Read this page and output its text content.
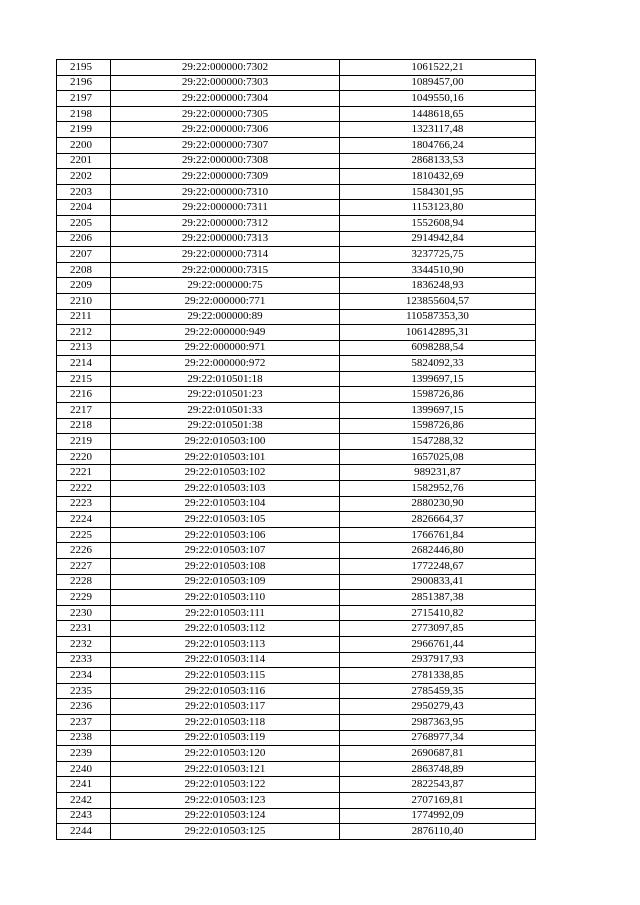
2195	29:22:000000:7302	1061522,21
2196	29:22:000000:7303	1089457,00
2197	29:22:000000:7304	1049550,16
2198	29:22:000000:7305	1448618,65
2199	29:22:000000:7306	1323117,48
2200	29:22:000000:7307	1804766,24
2201	29:22:000000:7308	2868133,53
2202	29:22:000000:7309	1810432,69
2203	29:22:000000:7310	1584301,95
2204	29:22:000000:7311	1153123,80
2205	29:22:000000:7312	1552608,94
2206	29:22:000000:7313	2914942,84
2207	29:22:000000:7314	3237725,75
2208	29:22:000000:7315	3344510,90
2209	29:22:000000:75	1836248,93
2210	29:22:000000:771	123855604,57
2211	29:22:000000:89	110587353,30
2212	29:22:000000:949	106142895,31
2213	29:22:000000:971	6098288,54
2214	29:22:000000:972	5824092,33
2215	29:22:010501:18	1399697,15
2216	29:22:010501:23	1598726,86
2217	29:22:010501:33	1399697,15
2218	29:22:010501:38	1598726,86
2219	29:22:010503:100	1547288,32
2220	29:22:010503:101	1657025,08
2221	29:22:010503:102	989231,87
2222	29:22:010503:103	1582952,76
2223	29:22:010503:104	2880230,90
2224	29:22:010503:105	2826664,37
2225	29:22:010503:106	1766761,84
2226	29:22:010503:107	2682446,80
2227	29:22:010503:108	1772248,67
2228	29:22:010503:109	2900833,41
2229	29:22:010503:110	2851387,38
2230	29:22:010503:111	2715410,82
2231	29:22:010503:112	2773097,85
2232	29:22:010503:113	2966761,44
2233	29:22:010503:114	2937917,93
2234	29:22:010503:115	2781338,85
2235	29:22:010503:116	2785459,35
2236	29:22:010503:117	2950279,43
2237	29:22:010503:118	2987363,95
2238	29:22:010503:119	2768977,34
2239	29:22:010503:120	2690687,81
2240	29:22:010503:121	2863748,89
2241	29:22:010503:122	2822543,87
2242	29:22:010503:123	2707169,81
2243	29:22:010503:124	1774992,09
2244	29:22:010503:125	2876110,40
